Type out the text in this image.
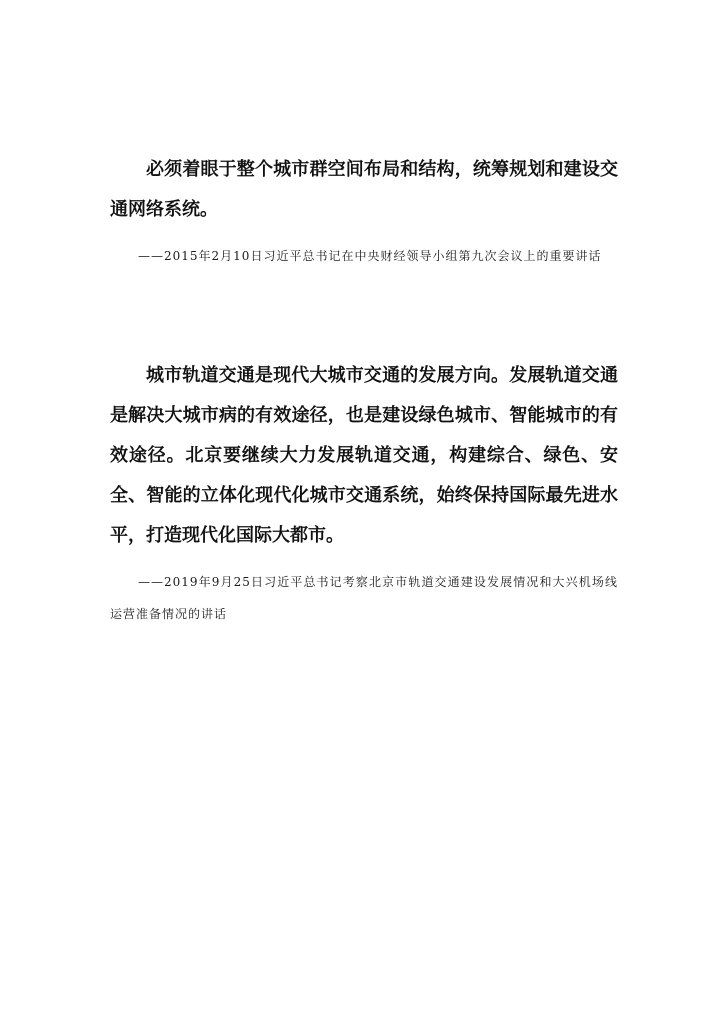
必须着眼于整个城市群空间布局和结构，统筹规划和建设交通网络系统。

——2015年2月10日习近平总书记在中央财经领导小组第九次会议上的重要讲话

城市轨道交通是现代大城市交通的发展方向。发展轨道交通是解决大城市病的有效途径，也是建设绿色城市、智能城市的有效途径。北京要继续大力发展轨道交通，构建综合、绿色、安全、智能的立体化现代化城市交通系统，始终保持国际最先进水平，打造现代化国际大都市。

——2019年9月25日习近平总书记考察北京市轨道交通建设发展情况和大兴机场线运营准备情况的讲话
